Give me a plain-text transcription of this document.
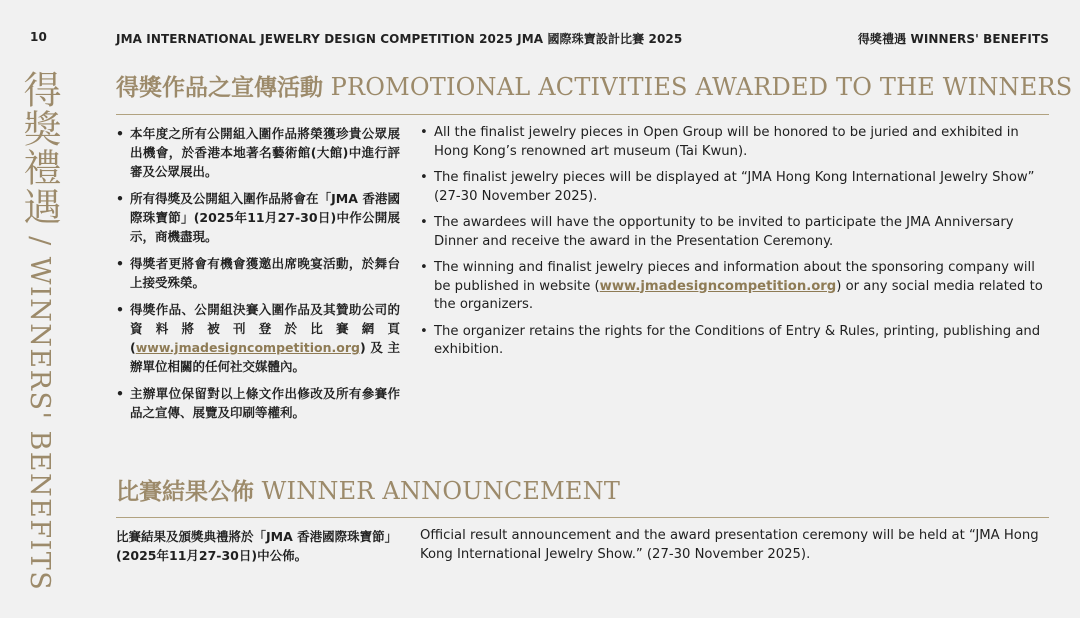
10	JMA INTERNATIONAL JEWELRY DESIGN COMPETITION 2025 JMA 國際珠寶設計比賽 2025	得獎禮遇 WINNERS' BENEFITS
得獎禮遇 / WINNERS' BENEFITS
得獎作品之宣傳活動 PROMOTIONAL ACTIVITIES AWARDED TO THE WINNERS
• 本年度之所有公開組入圍作品將榮獲珍貴公眾展出機會，於香港本地著名藝術館(大館)中進行評審及公眾展出。
• 所有得獎及公開組入圍作品將會在「JMA 香港國際珠寶節」(2025年11月27-30日)中作公開展示，商機盡現。
• 得獎者更將會有機會獲邀出席晚宴活動，於舞台上接受殊榮。
• 得獎作品、公開組決賽入圍作品及其贊助公司的資料將被刊登於比賽網頁(www.jmadesigncompetition.org)及主辦單位相關的任何社交媒體內。
• 主辦單位保留對以上條文作出修改及所有參賽作品之宣傳、展覽及印刷等權利。
• All the finalist jewelry pieces in Open Group will be honored to be juried and exhibited in Hong Kong’s renowned art museum (Tai Kwun).
• The finalist jewelry pieces will be displayed at “JMA Hong Kong International Jewelry Show” (27-30 November 2025).
• The awardees will have the opportunity to be invited to participate the JMA Anniversary Dinner and receive the award in the Presentation Ceremony.
• The winning and finalist jewelry pieces and information about the sponsoring company will be published in website (www.jmadesigncompetition.org) or any social media related to the organizers.
• The organizer retains the rights for the Conditions of Entry & Rules, printing, publishing and exhibition.
比賽結果公佈 WINNER ANNOUNCEMENT
比賽結果及頒獎典禮將於「JMA 香港國際珠寶節」(2025年11月27-30日)中公佈。
Official result announcement and the award presentation ceremony will be held at “JMA Hong Kong International Jewelry Show.” (27-30 November 2025).
